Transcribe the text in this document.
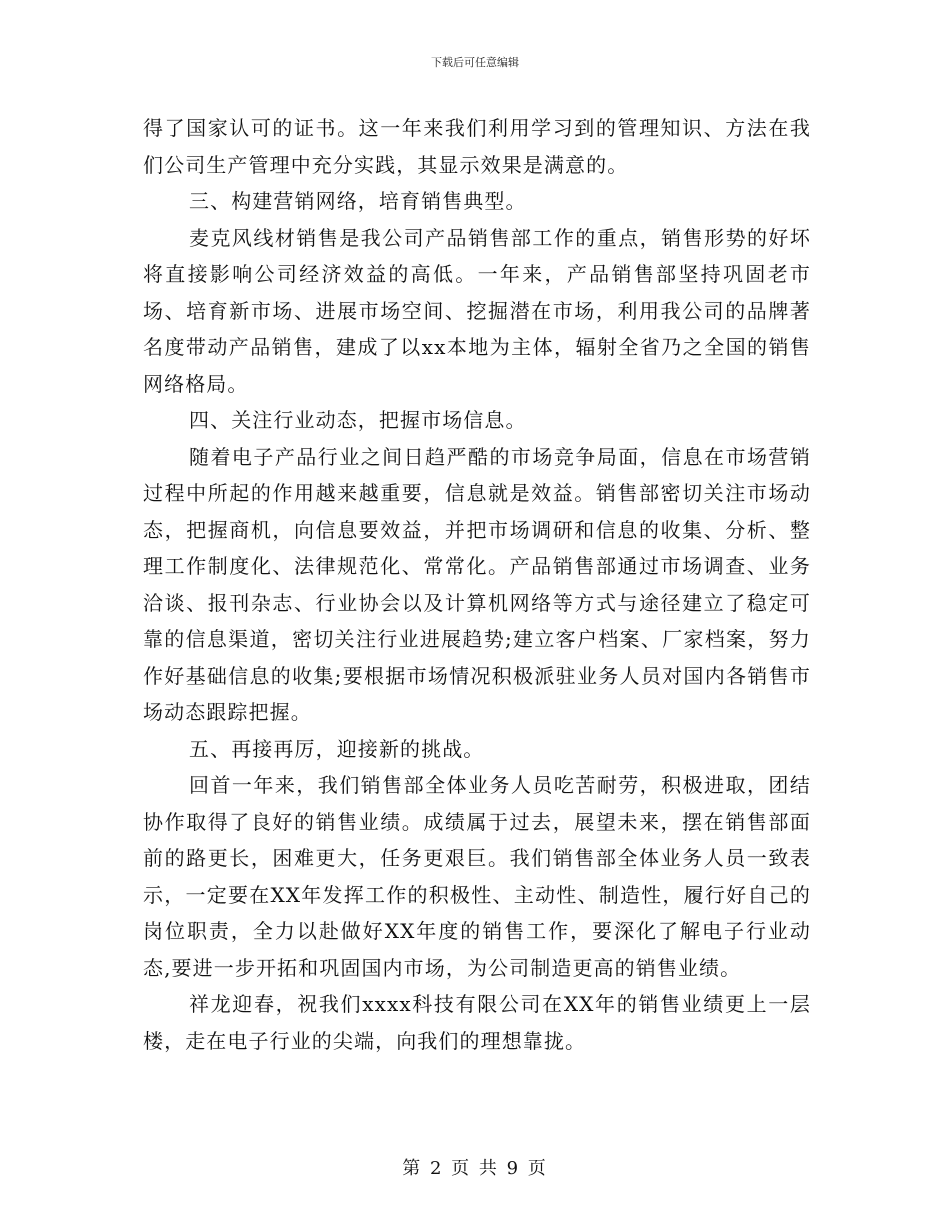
下载后可任意编辑

得了国家认可的证书。这一年来我们利用学习到的管理知识、方法在我们公司生产管理中充分实践，其显示效果是满意的。

三、构建营销网络，培育销售典型。

麦克风线材销售是我公司产品销售部工作的重点，销售形势的好坏将直接影响公司经济效益的高低。一年来，产品销售部坚持巩固老市场、培育新市场、进展市场空间、挖掘潜在市场，利用我公司的品牌著名度带动产品销售，建成了以xx本地为主体，辐射全省乃之全国的销售网络格局。

四、关注行业动态，把握市场信息。

随着电子产品行业之间日趋严酷的市场竞争局面，信息在市场营销过程中所起的作用越来越重要，信息就是效益。销售部密切关注市场动态，把握商机，向信息要效益，并把市场调研和信息的收集、分析、整理工作制度化、法律规范化、常常化。产品销售部通过市场调查、业务洽谈、报刊杂志、行业协会以及计算机网络等方式与途径建立了稳定可靠的信息渠道，密切关注行业进展趋势;建立客户档案、厂家档案，努力作好基础信息的收集;要根据市场情况积极派驻业务人员对国内各销售市场动态跟踪把握。

五、再接再厉，迎接新的挑战。

回首一年来，我们销售部全体业务人员吃苦耐劳，积极进取，团结协作取得了良好的销售业绩。成绩属于过去，展望未来，摆在销售部面前的路更长，困难更大，任务更艰巨。我们销售部全体业务人员一致表示，一定要在XX年发挥工作的积极性、主动性、制造性，履行好自己的岗位职责，全力以赴做好XX年度的销售工作，要深化了解电子行业动态,要进一步开拓和巩固国内市场，为公司制造更高的销售业绩。

祥龙迎春，祝我们xxxx科技有限公司在XX年的销售业绩更上一层楼，走在电子行业的尖端，向我们的理想靠拢。

第 2 页 共 9 页
